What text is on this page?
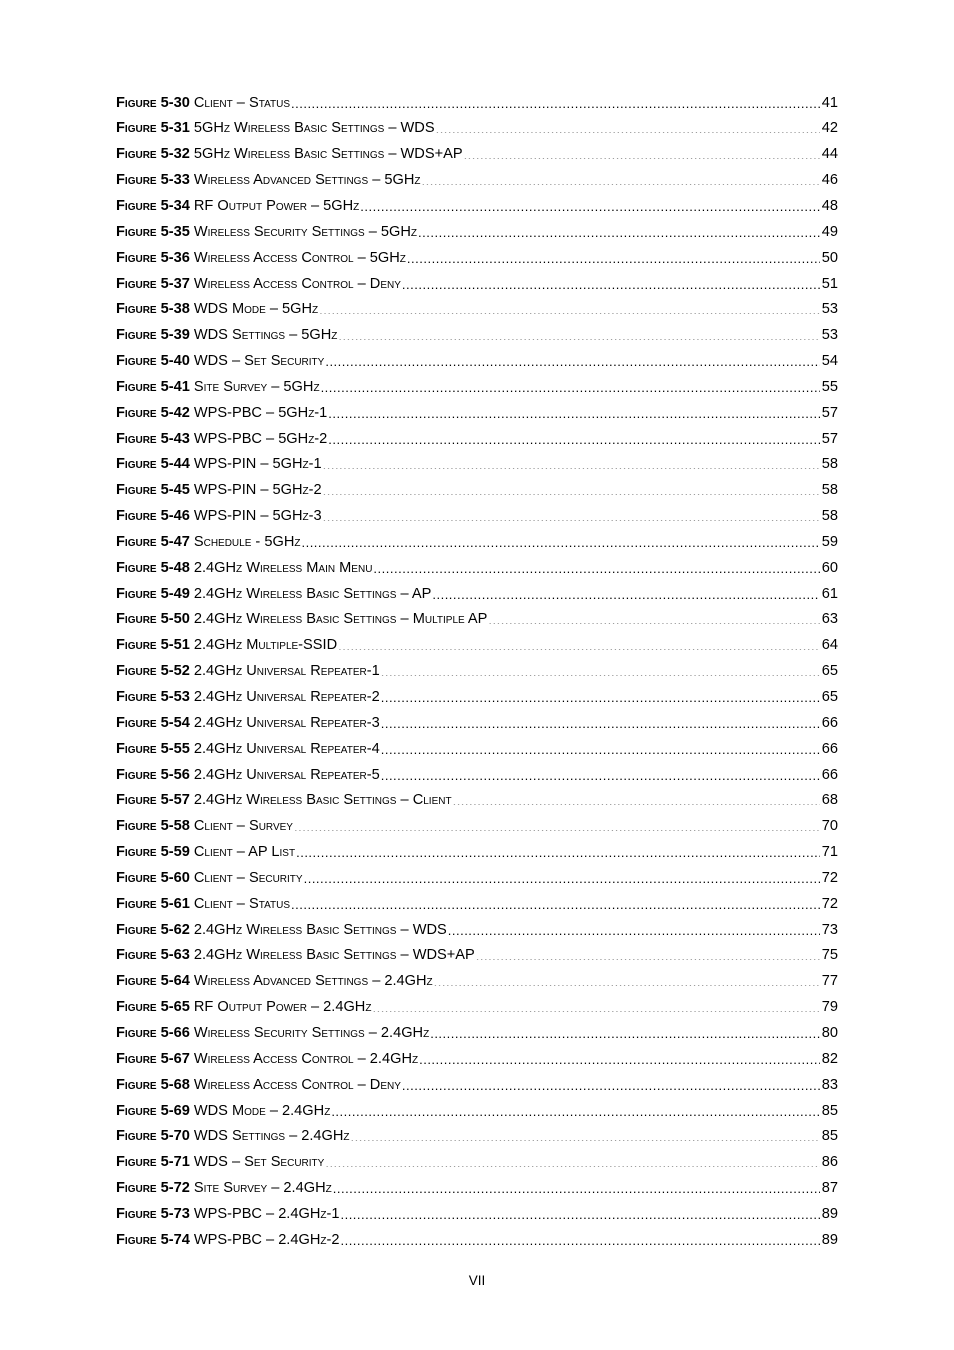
Figure 5-30 Client – Status .....	41
Figure 5-31 5GHz Wireless Basic Settings – WDS .....	42
Figure 5-32 5GHz Wireless Basic Settings – WDS+AP .....	44
Figure 5-33 Wireless Advanced Settings – 5GHz .....	46
Figure 5-34 RF Output Power – 5GHz .....	48
Figure 5-35 Wireless Security Settings – 5GHz .....	49
Figure 5-36 Wireless Access Control – 5GHz .....	50
Figure 5-37 Wireless Access Control – Deny .....	51
Figure 5-38 WDS Mode – 5GHz .....	53
Figure 5-39 WDS Settings – 5GHz .....	53
Figure 5-40 WDS – Set Security .....	54
Figure 5-41 Site Survey – 5GHz .....	55
Figure 5-42 WPS-PBC – 5GHz-1 .....	57
Figure 5-43 WPS-PBC – 5GHz-2 .....	57
Figure 5-44 WPS-PIN – 5GHz-1 .....	58
Figure 5-45 WPS-PIN – 5GHz-2 .....	58
Figure 5-46 WPS-PIN – 5GHz-3 .....	58
Figure 5-47 Schedule - 5GHz .....	59
Figure 5-48 2.4GHz Wireless Main Menu .....	60
Figure 5-49 2.4GHz Wireless Basic Settings – AP .....	61
Figure 5-50 2.4GHz Wireless Basic Settings – Multiple AP .....	63
Figure 5-51 2.4GHz Multiple-SSID .....	64
Figure 5-52 2.4GHz Universal Repeater-1 .....	65
Figure 5-53 2.4GHz Universal Repeater-2 .....	65
Figure 5-54 2.4GHz Universal Repeater-3 .....	66
Figure 5-55 2.4GHz Universal Repeater-4 .....	66
Figure 5-56 2.4GHz Universal Repeater-5 .....	66
Figure 5-57 2.4GHz Wireless Basic Settings – Client .....	68
Figure 5-58 Client – Survey .....	70
Figure 5-59 Client – AP List .....	71
Figure 5-60 Client – Security .....	72
Figure 5-61 Client – Status .....	72
Figure 5-62 2.4GHz Wireless Basic Settings – WDS .....	73
Figure 5-63 2.4GHz Wireless Basic Settings – WDS+AP .....	75
Figure 5-64 Wireless Advanced Settings – 2.4GHz .....	77
Figure 5-65 RF Output Power – 2.4GHz .....	79
Figure 5-66 Wireless Security Settings – 2.4GHz .....	80
Figure 5-67 Wireless Access Control – 2.4GHz .....	82
Figure 5-68 Wireless Access Control – Deny .....	83
Figure 5-69 WDS Mode – 2.4GHz .....	85
Figure 5-70 WDS Settings – 2.4GHz .....	85
Figure 5-71 WDS – Set Security .....	86
Figure 5-72 Site Survey – 2.4GHz .....	87
Figure 5-73 WPS-PBC – 2.4GHz-1 .....	89
Figure 5-74 WPS-PBC – 2.4GHz-2 .....	89
VII
